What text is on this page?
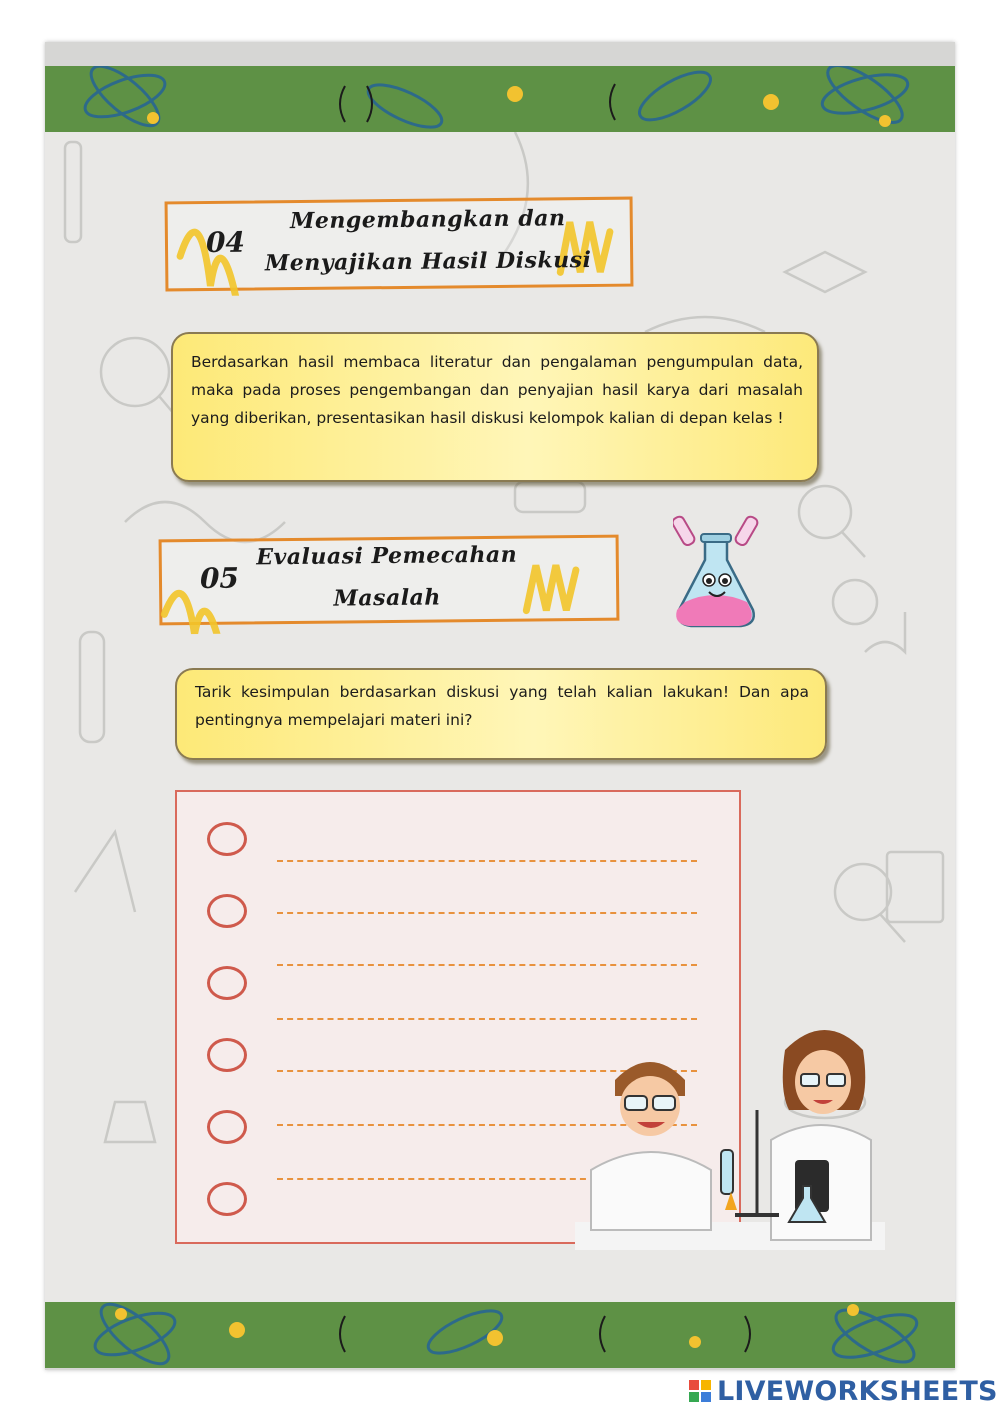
04
Mengembangkan dan
Menyajikan Hasil Diskusi

Berdasarkan hasil membaca literatur dan pengalaman pengumpulan data, maka pada proses pengembangan dan penyajian hasil karya dari masalah yang diberikan, presentasikan hasil diskusi kelompok kalian di depan kelas !

05
Evaluasi Pemecahan
Masalah

Tarik kesimpulan berdasarkan diskusi yang telah kalian lakukan! Dan apa pentingnya mempelajari materi ini?

LIVEWORKSHEETS
